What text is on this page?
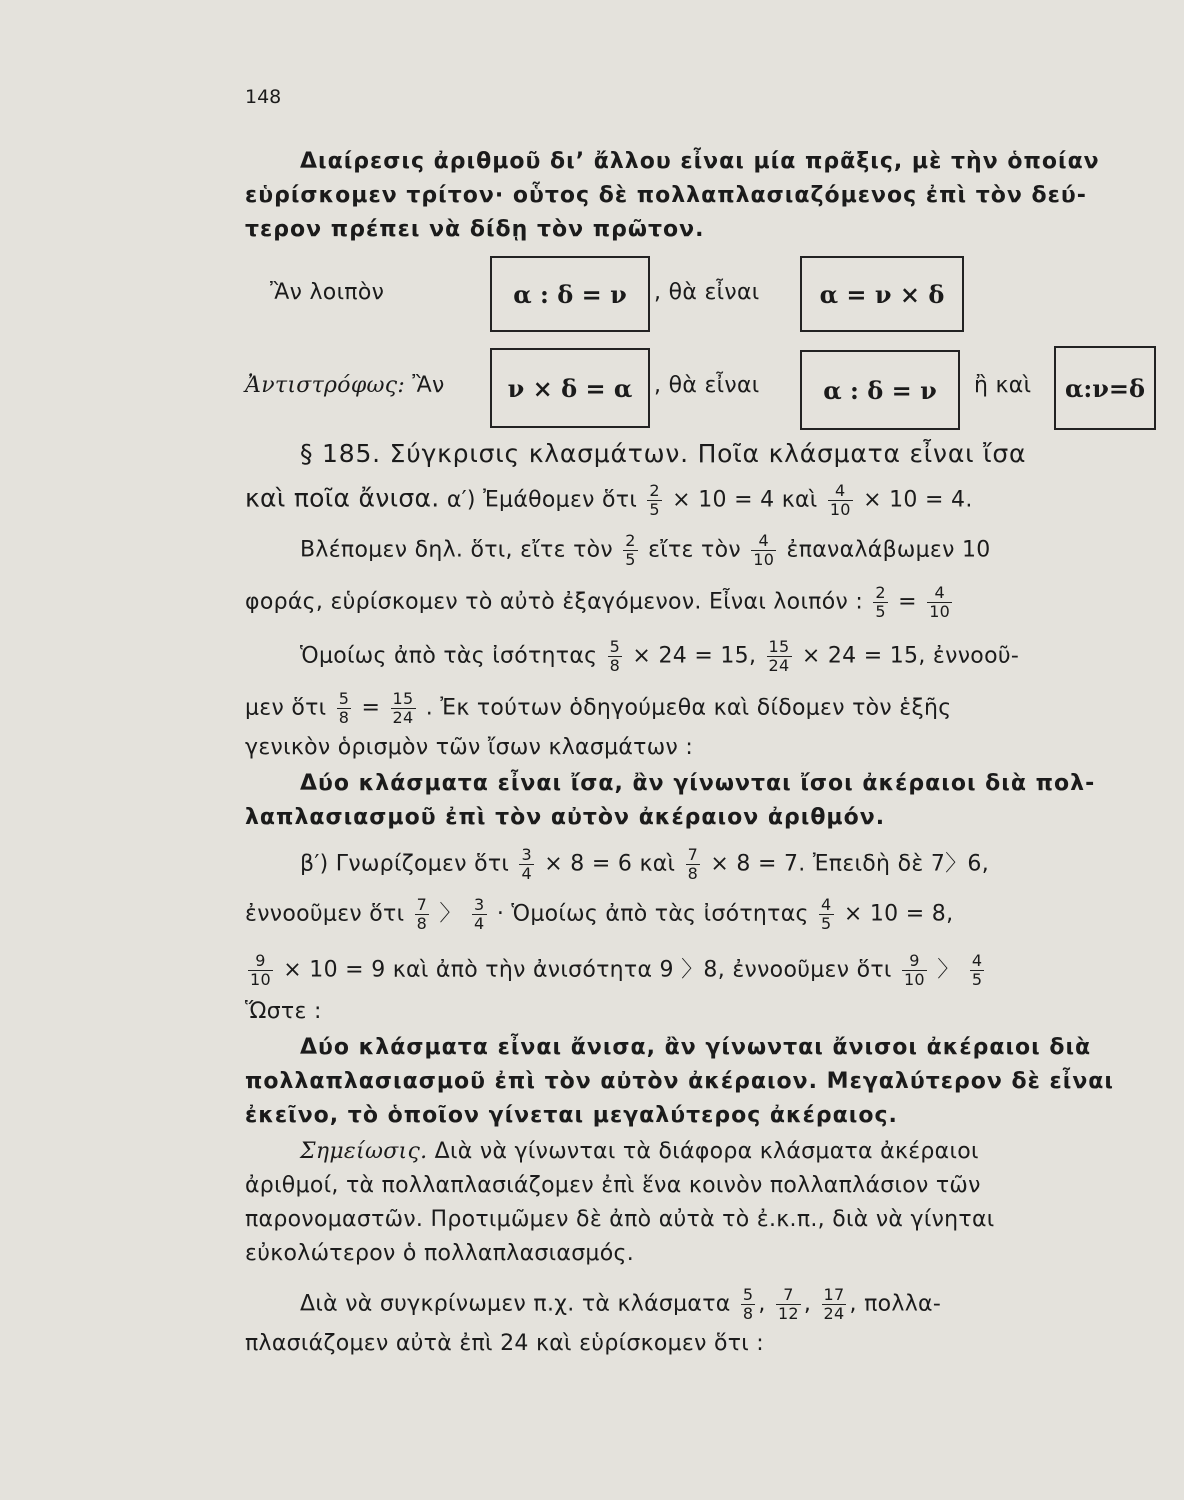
148
Διαίρεσις ἀριθμοῦ δι’ ἄλλου εἶναι μία πρᾶξις, μὲ τὴν ὁποίαν
εὑρίσκομεν τρίτον· οὗτος δὲ πολλαπλασιαζόμενος ἐπὶ τὸν δεύ-
τερον πρέπει νὰ δίδῃ τὸν πρῶτον.
Ἂν λοιπὸν	α : δ = ν	, θὰ εἶναι	α = ν × δ
Ἀντιστρόφως: Ἂν	ν × δ = α , θὰ εἶναι	α : δ = ν	ἢ καὶ	α:ν=δ
§ 185. Σύγκρισις κλασμάτων. Ποῖα κλάσματα εἶναι ἴσα
καὶ ποῖα ἄνισα. α′) Ἐμάθομεν ὅτι $\frac{2}{5} \times 10 = 4$ καὶ $\frac{4}{10} \times 10 = 4$.
Βλέπομεν δηλ. ὅτι, εἴτε τὸν $\frac{2}{5}$ εἴτε τὸν $\frac{4}{10}$ ἐπαναλάβωμεν 10
φοράς, εὑρίσκομεν τὸ αὐτὸ ἐξαγόμενον. Εἶναι λοιπόν : $\frac{2}{5} = \frac{4}{10}$
Ὁμοίως ἀπὸ τὰς ἰσότητας $\frac{5}{8} \times 24 = 15$, $\frac{15}{24} \times 24 = 15$, ἐννοοῦ-
μεν ὅτι $\frac{5}{8} = \frac{15}{24}$ . Ἐκ τούτων ὁδηγούμεθα καὶ δίδομεν τὸν ἑξῆς
γενικὸν ὁρισμὸν τῶν ἴσων κλασμάτων :
Δύο κλάσματα εἶναι ἴσα, ἂν γίνωνται ἴσοι ἀκέραιοι διὰ πολ-
λαπλασιασμοῦ ἐπὶ τὸν αὐτὸν ἀκέραιον ἀριθμόν.
β′) Γνωρίζομεν ὅτι $\frac{3}{4} \times 8 = 6$ καὶ $\frac{7}{8} \times 8 = 7$. Ἐπειδὴ δὲ 7〉6,
ἐννοοῦμεν ὅτι $\frac{7}{8}$ 〉 $\frac{3}{4}$ · Ὁμοίως ἀπὸ τὰς ἰσότητας $\frac{4}{5} \times 10 = 8$,
$\frac{9}{10} \times 10 = 9$ καὶ ἀπὸ τὴν ἀνισότητα 9 〉8, ἐννοοῦμεν ὅτι $\frac{9}{10}$ 〉 $\frac{4}{5}$
Ὥστε :
Δύο κλάσματα εἶναι ἄνισα, ἂν γίνωνται ἄνισοι ἀκέραιοι διὰ
πολλαπλασιασμοῦ ἐπὶ τὸν αὐτὸν ἀκέραιον. Μεγαλύτερον δὲ εἶναι
ἐκεῖνο, τὸ ὁποῖον γίνεται μεγαλύτερος ἀκέραιος.
Σημείωσις. Διὰ νὰ γίνωνται τὰ διάφορα κλάσματα ἀκέραιοι
ἀριθμοί, τὰ πολλαπλασιάζομεν ἐπὶ ἕνα κοινὸν πολλαπλάσιον τῶν
παρονομαστῶν. Προτιμῶμεν δὲ ἀπὸ αὐτὰ τὸ ἐ.κ.π., διὰ νὰ γίνηται
εὐκολώτερον ὁ πολλαπλασιασμός.
Διὰ νὰ συγκρίνωμεν π.χ. τὰ κλάσματα $\frac{5}{8}$ , $\frac{7}{12}$ , $\frac{17}{24}$ , πολλα-
πλασιάζομεν αὐτὰ ἐπὶ 24 καὶ εὑρίσκομεν ὅτι :
